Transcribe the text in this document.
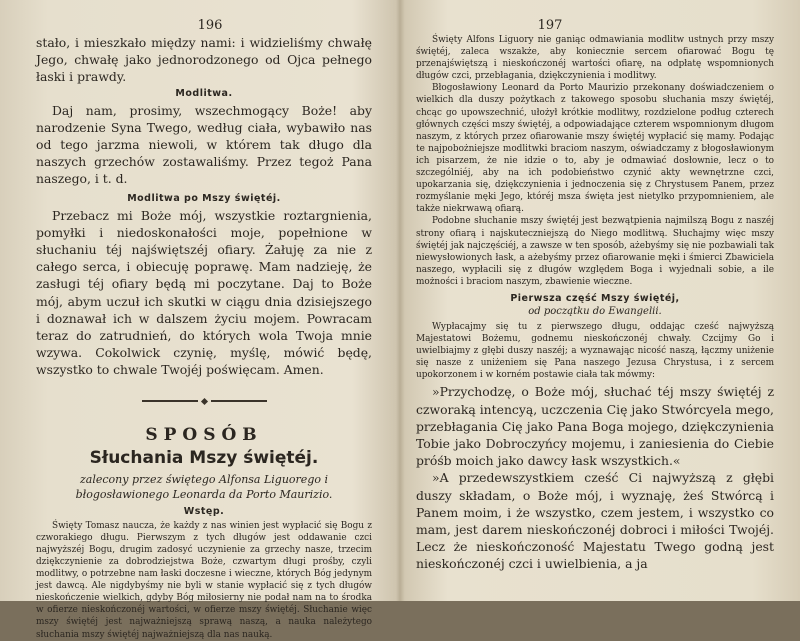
196

stało, i mieszkało między nami: i widzieliśmy chwałę Jego, chwałę jako jednorodzonego od Ojca pełnego łaski i prawdy.

Modlitwa.

Daj nam, prosimy, wszechmogący Boże! aby narodzenie Syna Twego, według ciała, wybawiło nas od tego jarzma niewoli, w którem tak długo dla naszych grzechów zostawaliśmy. Przez tegoż Pana naszego, i t. d.

Modlitwa po Mszy świętéj.

Przebacz mi Boże mój, wszystkie roztargnienia, pomyłki i niedoskonałości moje, popełnione w słuchaniu téj najświętszéj ofiary. Żałuję za nie z całego serca, i obiecuję poprawę. Mam nadzieję, że zasługi téj ofiary będą mi poczytane. Daj to Boże mój, abym uczuł ich skutki w ciągu dnia dzisiejszego i doznawał ich w dalszem życiu mojem. Powracam teraz do zatrudnień, do których wola Twoja mnie wzywa. Cokolwick czynię, myślę, mówić będę, wszystko to chwale Twojéj poświęcam. Amen.

SPOSÓB

Słuchania Mszy świętéj.

zalecony przez świętego Alfonsa Liguorego i błogosławionego Leonarda da Porto Maurizio.

Wstęp.

Święty Tomasz naucza, że każdy z nas winien jest wypłacić się Bogu z czworakiego długu. Pierwszym z tych długów jest oddawanie czci najwyższéj Bogu, drugim zadosyć uczynienie za grzechy nasze, trzecim dziękczynienie za dobrodziejstwa Boże, czwartym długi prośby, czyli modlitwy, o potrzebne nam łaski doczesne i wieczne, których Bóg jedynym jest dawcą. Ale nigdybyśmy nie byli w stanie wypłacić się z tych długów nieskończenie wielkich, gdyby Bóg miłosierny nie podał nam na to środka w ofierze nieskończonéj wartości, w ofierze mszy świętéj. Słuchanie więc mszy świętéj jest najważniejszą sprawą naszą, a nauka należytego słuchania mszy świętéj najważniejszą dla nas nauką.

197

Święty Alfons Liguory nie ganiąc odmawiania modlitw ustnych przy mszy świętéj, zaleca wszakże, aby koniecznie sercem ofiarować Bogu tę przenajświętszą i nieskończonéj wartości ofiarę, na odpłatę wspomnionych długów czci, przebłagania, dziękczynienia i modlitwy.

Błogosławiony Leonard da Porto Maurizio przekonany doświadczeniem o wielkich dla duszy pożytkach z takowego sposobu słuchania mszy świętéj, chcąc go upowszechnić, ułożył krótkie modlitwy, rozdzielone podług czterech głównych części mszy świętéj, a odpowiadające czterem wspomnionym długom naszym, z których przez ofiarowanie mszy świętéj wypłacić się mamy. Podając te najpobożniejsze modlitwki braciom naszym, oświadczamy z błogosławionym ich pisarzem, że nie idzie o to, aby je odmawiać dosłownie, lecz o to szczególniéj, aby na ich podobieństwo czynić akty wewnętrzne czci, upokarzania się, dziękczynienia i jednoczenia się z Chrystusem Panem, przez rozmyślanie męki Jego, któréj msza święta jest nietylko przypomnieniem, ale także niekrwawą ofiarą.

Podobne słuchanie mszy świętéj jest bezwątpienia najmilszą Bogu z naszéj strony ofiarą i najskuteczniejszą do Niego modlitwą. Słuchajmy więc mszy świętéj jak najczęściéj, a zawsze w ten sposób, ażebyśmy się nie pozbawiali tak niewysłowionych łask, a ażebyśmy przez ofiarowanie męki i śmierci Zbawiciela naszego, wypłacili się z długów względem Boga i wyjednali sobie, a ile możności i braciom naszym, zbawienie wieczne.

Pierwsza część Mszy świętéj,

od początku do Ewangelii.

Wypłacajmy się tu z pierwszego długu, oddając cześć najwyższą Majestatowi Bożemu, godnemu nieskończonéj chwały. Czcijmy Go i uwielbiajmy z głębi duszy naszéj; a wyznawając nicość naszą, łączmy uniżenie się nasze z uniżeniem się Pana naszego Jezusa Chrystusa, i z sercem upokorzonem i w korném postawie ciała tak mówmy:

»Przychodzę, o Boże mój, słuchać téj mszy świętéj z czworaką intencyą, uczczenia Cię jako Stwórcyela mego, przebłagania Cię jako Pana Boga mojego, dziękczynienia Tobie jako Dobroczyńcy mojemu, i zaniesienia do Ciebie próśb moich jako dawcy łask wszystkich.«

»A przedewszystkiem cześć Ci najwyższą z głębi duszy składam, o Boże mój, i wyznaję, żeś Stwórcą i Panem moim, i że wszystko, czem jestem, i wszystko co mam, jest darem nieskończonéj dobroci i miłości Twojéj. Lecz że nieskończoność Majestatu Twego godną jest nieskończonéj czci i uwielbienia, a ja
